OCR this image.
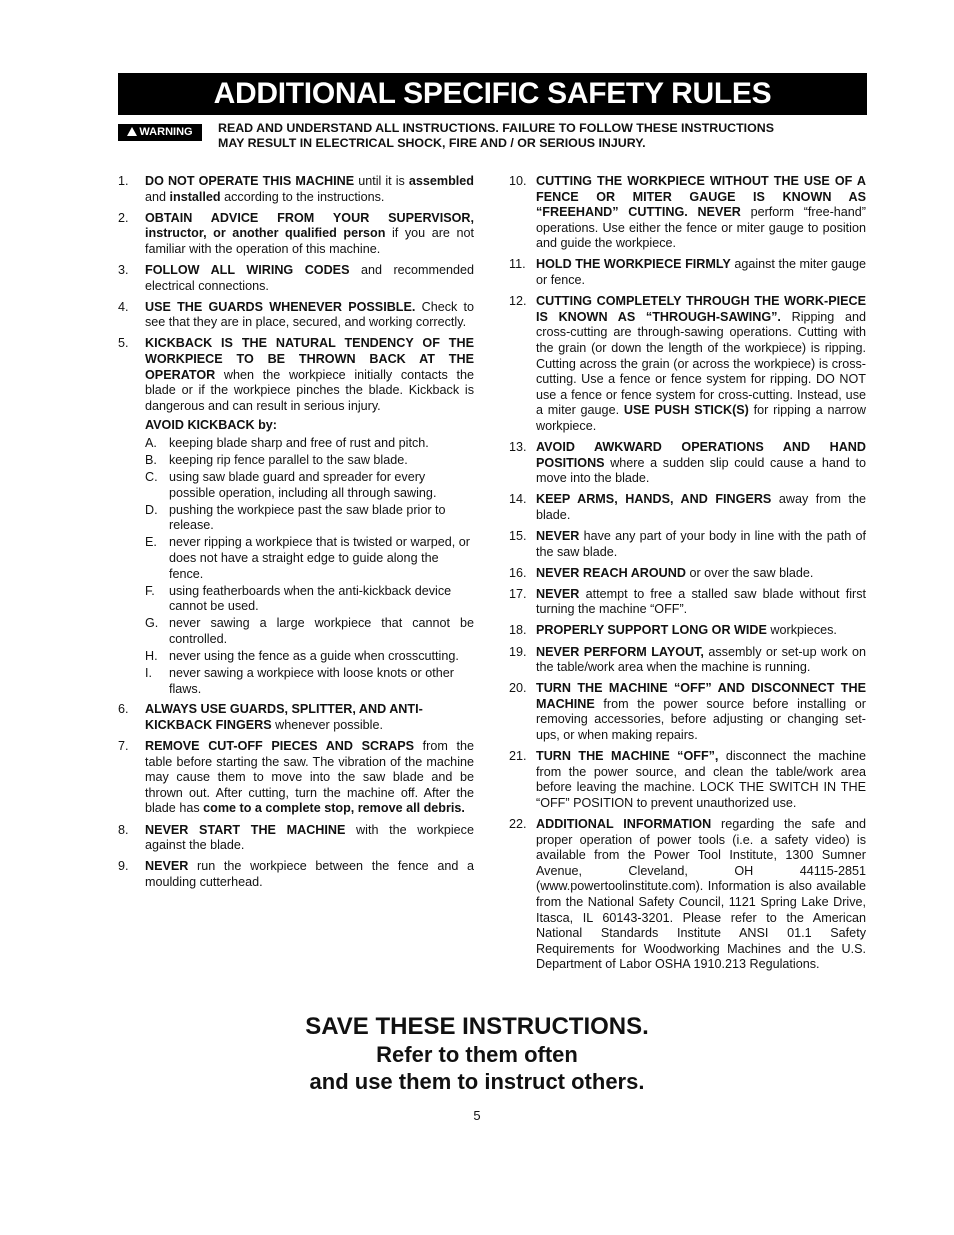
ADDITIONAL SPECIFIC SAFETY RULES
WARNING	READ AND UNDERSTAND ALL INSTRUCTIONS. FAILURE TO FOLLOW THESE INSTRUCTIONS
MAY RESULT IN ELECTRICAL SHOCK, FIRE AND / OR SERIOUS INJURY.
1. DO NOT OPERATE THIS MACHINE until it is assembled and installed according to the instructions.
2. OBTAIN ADVICE FROM YOUR SUPERVISOR, instructor, or another qualified person if you are not familiar with the operation of this machine.
3. FOLLOW ALL WIRING CODES and recommended electrical connections.
4. USE THE GUARDS WHENEVER POSSIBLE. Check to see that they are in place, secured, and working correctly.
5. KICKBACK IS THE NATURAL TENDENCY OF THE WORKPIECE TO BE THROWN BACK AT THE OPERATOR when the workpiece initially contacts the blade or if the workpiece pinches the blade. Kickback is dangerous and can result in serious injury.
AVOID KICKBACK by:
A. keeping blade sharp and free of rust and pitch.
B. keeping rip fence parallel to the saw blade.
C. using saw blade guard and spreader for every possible operation, including all through sawing.
D. pushing the workpiece past the saw blade prior to release.
E. never ripping a workpiece that is twisted or warped, or does not have a straight edge to guide along the fence.
F. using featherboards when the anti-kickback device cannot be used.
G. never sawing a large workpiece that cannot be controlled.
H. never using the fence as a guide when crosscutting.
I. never sawing a workpiece with loose knots or other flaws.
6. ALWAYS USE GUARDS, SPLITTER, AND ANTI-KICKBACK FINGERS whenever possible.
7. REMOVE CUT-OFF PIECES AND SCRAPS from the table before starting the saw. The vibration of the machine may cause them to move into the saw blade and be thrown out. After cutting, turn the machine off. After the blade has come to a complete stop, remove all debris.
8. NEVER START THE MACHINE with the workpiece against the blade.
9. NEVER run the workpiece between the fence and a moulding cutterhead.
10. CUTTING THE WORKPIECE WITHOUT THE USE OF A FENCE OR MITER GAUGE IS KNOWN AS “FREEHAND” CUTTING. NEVER perform “free-hand” operations. Use either the fence or miter gauge to position and guide the workpiece.
11. HOLD THE WORKPIECE FIRMLY against the miter gauge or fence.
12. CUTTING COMPLETELY THROUGH THE WORK-PIECE IS KNOWN AS “THROUGH-SAWING”. Ripping and cross-cutting are through-sawing operations. Cutting with the grain (or down the length of the workpiece) is ripping. Cutting across the grain (or across the workpiece) is cross-cutting. Use a fence or fence system for ripping. DO NOT use a fence or fence system for cross-cutting. Instead, use a miter gauge. USE PUSH STICK(S) for ripping a narrow workpiece.
13. AVOID AWKWARD OPERATIONS AND HAND POSITIONS where a sudden slip could cause a hand to move into the blade.
14. KEEP ARMS, HANDS, AND FINGERS away from the blade.
15. NEVER have any part of your body in line with the path of the saw blade.
16. NEVER REACH AROUND or over the saw blade.
17. NEVER attempt to free a stalled saw blade without first turning the machine “OFF”.
18. PROPERLY SUPPORT LONG OR WIDE workpieces.
19. NEVER PERFORM LAYOUT, assembly or set-up work on the table/work area when the machine is running.
20. TURN THE MACHINE “OFF” AND DISCONNECT THE MACHINE from the power source before installing or removing accessories, before adjusting or changing set-ups, or when making repairs.
21. TURN THE MACHINE “OFF”, disconnect the machine from the power source, and clean the table/work area before leaving the machine. LOCK THE SWITCH IN THE “OFF” POSITION to prevent unauthorized use.
22. ADDITIONAL INFORMATION regarding the safe and proper operation of power tools (i.e. a safety video) is available from the Power Tool Institute, 1300 Sumner Avenue, Cleveland, OH 44115-2851 (www.powertoolinstitute.com). Information is also available from the National Safety Council, 1121 Spring Lake Drive, Itasca, IL 60143-3201. Please refer to the American National Standards Institute ANSI 01.1 Safety Requirements for Woodworking Machines and the U.S. Department of Labor OSHA 1910.213 Regulations.
SAVE THESE INSTRUCTIONS.
Refer to them often
and use them to instruct others.
5
